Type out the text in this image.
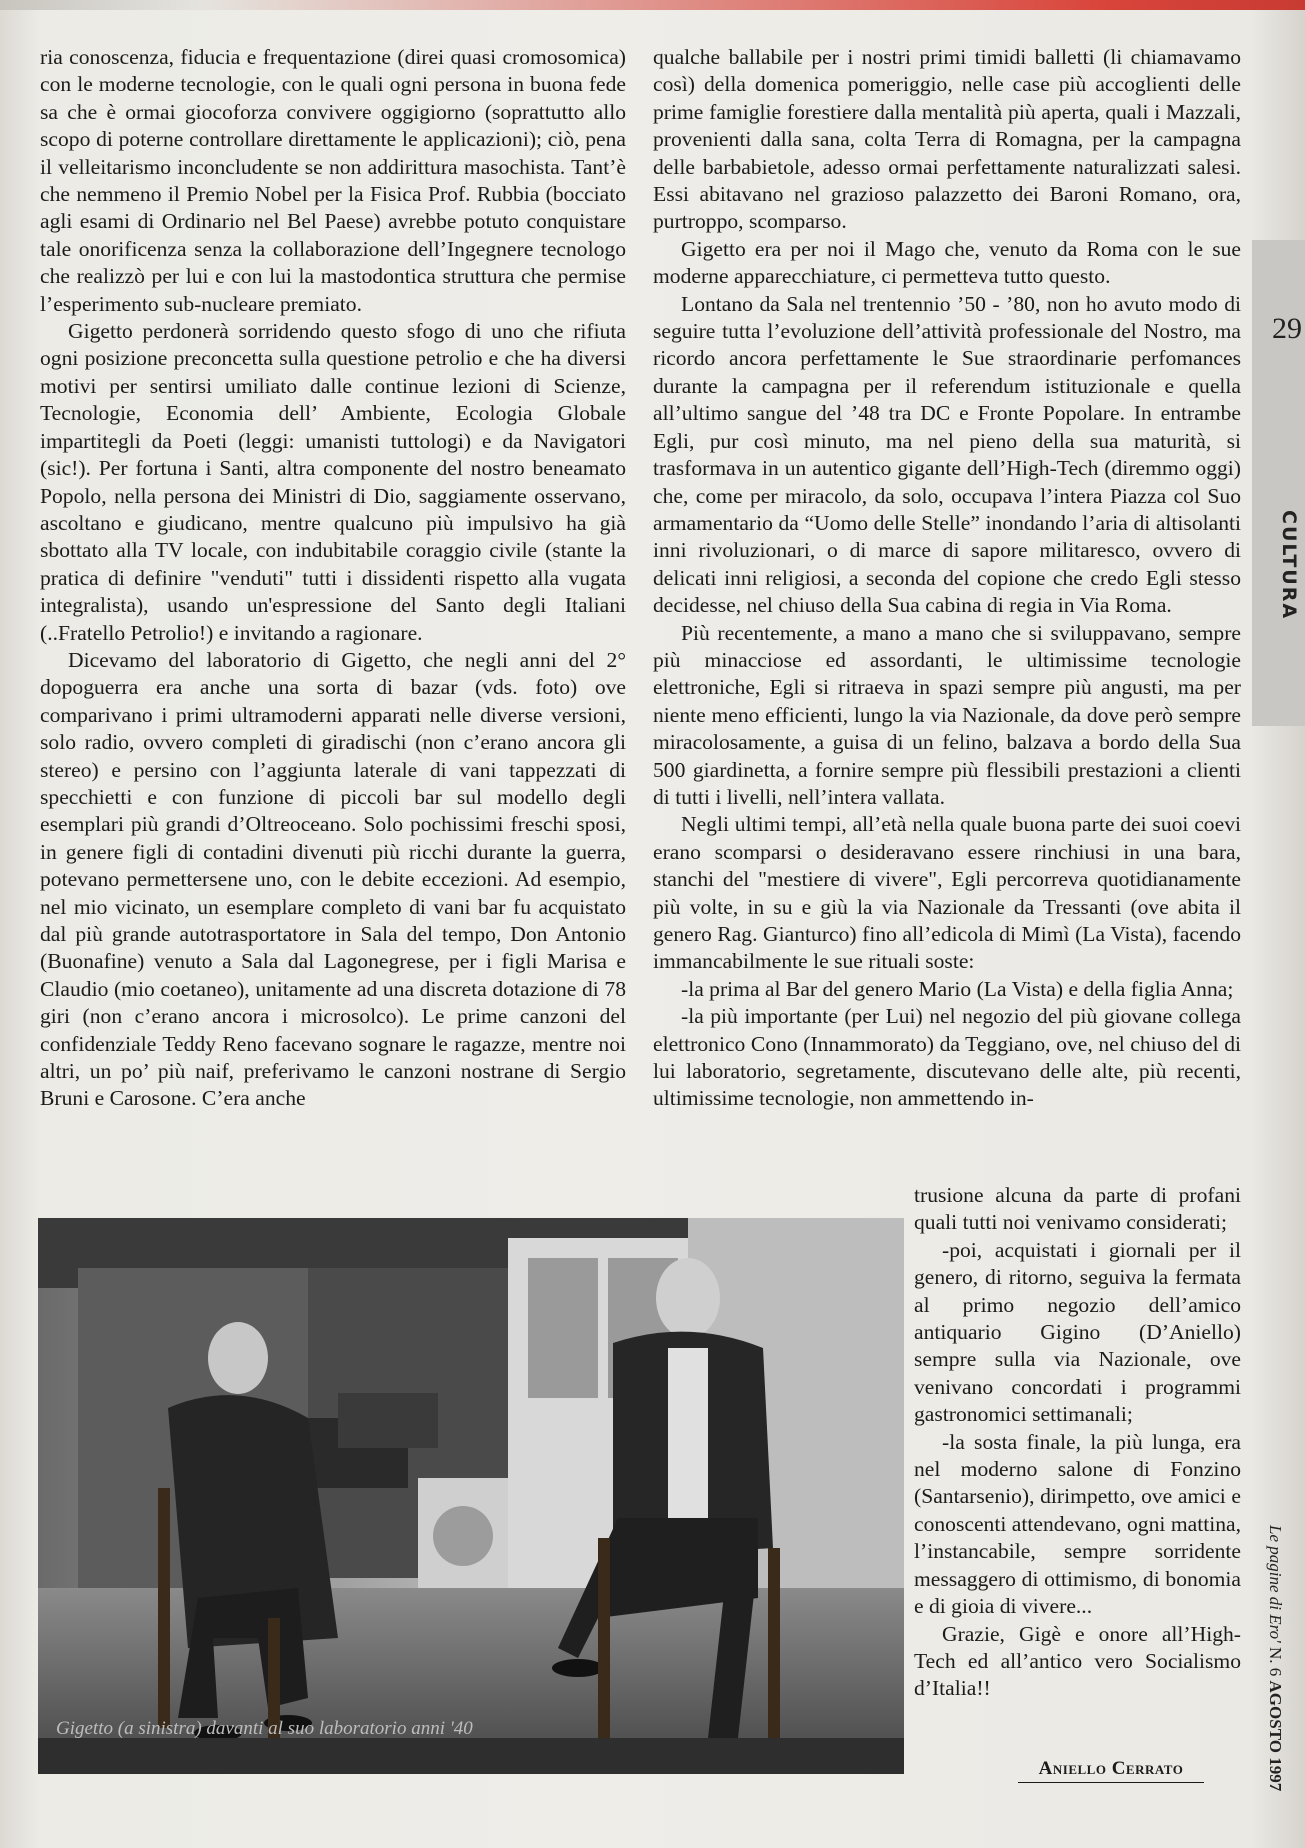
ria conoscenza, fiducia e frequentazione (direi quasi cromosomica) con le moderne tecnologie, con le quali ogni persona in buona fede sa che è ormai giocoforza convivere oggigiorno (soprattutto allo scopo di poterne controllare direttamente le applicazioni); ciò, pena il velleitarismo inconcludente se non addirittura masochista. Tant’è che nemmeno il Premio Nobel per la Fisica Prof. Rubbia (bocciato agli esami di Ordinario nel Bel Paese) avrebbe potuto conquistare tale onorificenza senza la collaborazione dell’Ingegnere tecnologo che realizzò per lui e con lui la mastodontica struttura che permise l’esperimento sub-nucleare premiato.

Gigetto perdonerà sorridendo questo sfogo di uno che rifiuta ogni posizione preconcetta sulla questione petrolio e che ha diversi motivi per sentirsi umiliato dalle continue lezioni di Scienze, Tecnologie, Economia dell’ Ambiente, Ecologia Globale impartitegli da Poeti (leggi: umanisti tuttologi) e da Navigatori (sic!). Per fortuna i Santi, altra componente del nostro beneamato Popolo, nella persona dei Ministri di Dio, saggiamente osservano, ascoltano e giudicano, mentre qualcuno più impulsivo ha già sbottato alla TV locale, con indubitabile coraggio civile (stante la pratica di definire "venduti" tutti i dissidenti rispetto alla vugata integralista), usando un'espressione del Santo degli Italiani (..Fratello Petrolio!) e invitando a ragionare.

Dicevamo del laboratorio di Gigetto, che negli anni del 2° dopoguerra era anche una sorta di bazar (vds. foto) ove comparivano i primi ultramoderni apparati nelle diverse versioni, solo radio, ovvero completi di giradischi (non c’erano ancora gli stereo) e persino con l’aggiunta laterale di vani tappezzati di specchietti e con funzione di piccoli bar sul modello degli esemplari più grandi d’Oltreoceano. Solo pochissimi freschi sposi, in genere figli di contadini divenuti più ricchi durante la guerra, potevano permettersene uno, con le debite eccezioni. Ad esempio, nel mio vicinato, un esemplare completo di vani bar fu acquistato dal più grande autotrasportatore in Sala del tempo, Don Antonio (Buonafine) venuto a Sala dal Lagonegrese, per i figli Marisa e Claudio (mio coetaneo), unitamente ad una discreta dotazione di 78 giri (non c’erano ancora i microsolco). Le prime canzoni del confidenziale Teddy Reno facevano sognare le ragazze, mentre noi altri, un po’ più naif, preferivamo le canzoni nostrane di Sergio Bruni e Carosone. C’era anche

qualche ballabile per i nostri primi timidi balletti (li chiamavamo così) della domenica pomeriggio, nelle case più accoglienti delle prime famiglie forestiere dalla mentalità più aperta, quali i Mazzali, provenienti dalla sana, colta Terra di Romagna, per la campagna delle barbabietole, adesso ormai perfettamente naturalizzati salesi. Essi abitavano nel grazioso palazzetto dei Baroni Romano, ora, purtroppo, scomparso.

Gigetto era per noi il Mago che, venuto da Roma con le sue moderne apparecchiature, ci permetteva tutto questo.

Lontano da Sala nel trentennio ’50 - ’80, non ho avuto modo di seguire tutta l’evoluzione dell’attività professionale del Nostro, ma ricordo ancora perfettamente le Sue straordinarie perfomances durante la campagna per il referendum istituzionale e quella all’ultimo sangue del ’48 tra DC e Fronte Popolare. In entrambe Egli, pur così minuto, ma nel pieno della sua maturità, si trasformava in un autentico gigante dell’High-Tech (diremmo oggi) che, come per miracolo, da solo, occupava l’intera Piazza col Suo armamentario da “Uomo delle Stelle” inondando l’aria di altisolanti inni rivoluzionari, o di marce di sapore militaresco, ovvero di delicati inni religiosi, a seconda del copione che credo Egli stesso decidesse, nel chiuso della Sua cabina di regia in Via Roma.

Più recentemente, a mano a mano che si sviluppavano, sempre più minacciose ed assordanti, le ultimissime tecnologie elettroniche, Egli si ritraeva in spazi sempre più angusti, ma per niente meno efficienti, lungo la via Nazionale, da dove però sempre miracolosamente, a guisa di un felino, balzava a bordo della Sua 500 giardinetta, a fornire sempre più flessibili prestazioni a clienti di tutti i livelli, nell’intera vallata.

Negli ultimi tempi, all’età nella quale buona parte dei suoi coevi erano scomparsi o desideravano essere rinchiusi in una bara, stanchi del "mestiere di vivere", Egli percorreva quotidianamente più volte, in su e giù la via Nazionale da Tressanti (ove abita il genero Rag. Gianturco) fino all’edicola di Mimì (La Vista), facendo immancabilmente le sue rituali soste:

-la prima al Bar del genero Mario (La Vista) e della figlia Anna;

-la più importante (per Lui) nel negozio del più giovane collega elettronico Cono (Innammorato) da Teggiano, ove, nel chiuso del di lui laboratorio, segretamente, discutevano delle alte, più recenti, ultimissime tecnologie, non ammettendo in-

trusione alcuna da parte di profani quali tutti noi venivamo considerati;

-poi, acquistati i giornali per il genero, di ritorno, seguiva la fermata al primo negozio dell’amico antiquario Gigino (D’Aniello) sempre sulla via Nazionale, ove venivano concordati i programmi gastronomici settimanali;

-la sosta finale, la più lunga, era nel moderno salone di Fonzino (Santarsenio), dirimpetto, ove amici e conoscenti attendevano, ogni mattina, l’instancabile, sempre sorridente messaggero di ottimismo, di bonomia e di gioia di vivere...

Grazie, Gigè e onore all’High-Tech ed all’antico vero Socialismo d’Italia!!

Aniello Cerrato
Gigetto (a sinistra) davanti al suo laboratorio anni '40
29
CULTURA
Le pagine di Ero' N. 6 AGOSTO 1997
